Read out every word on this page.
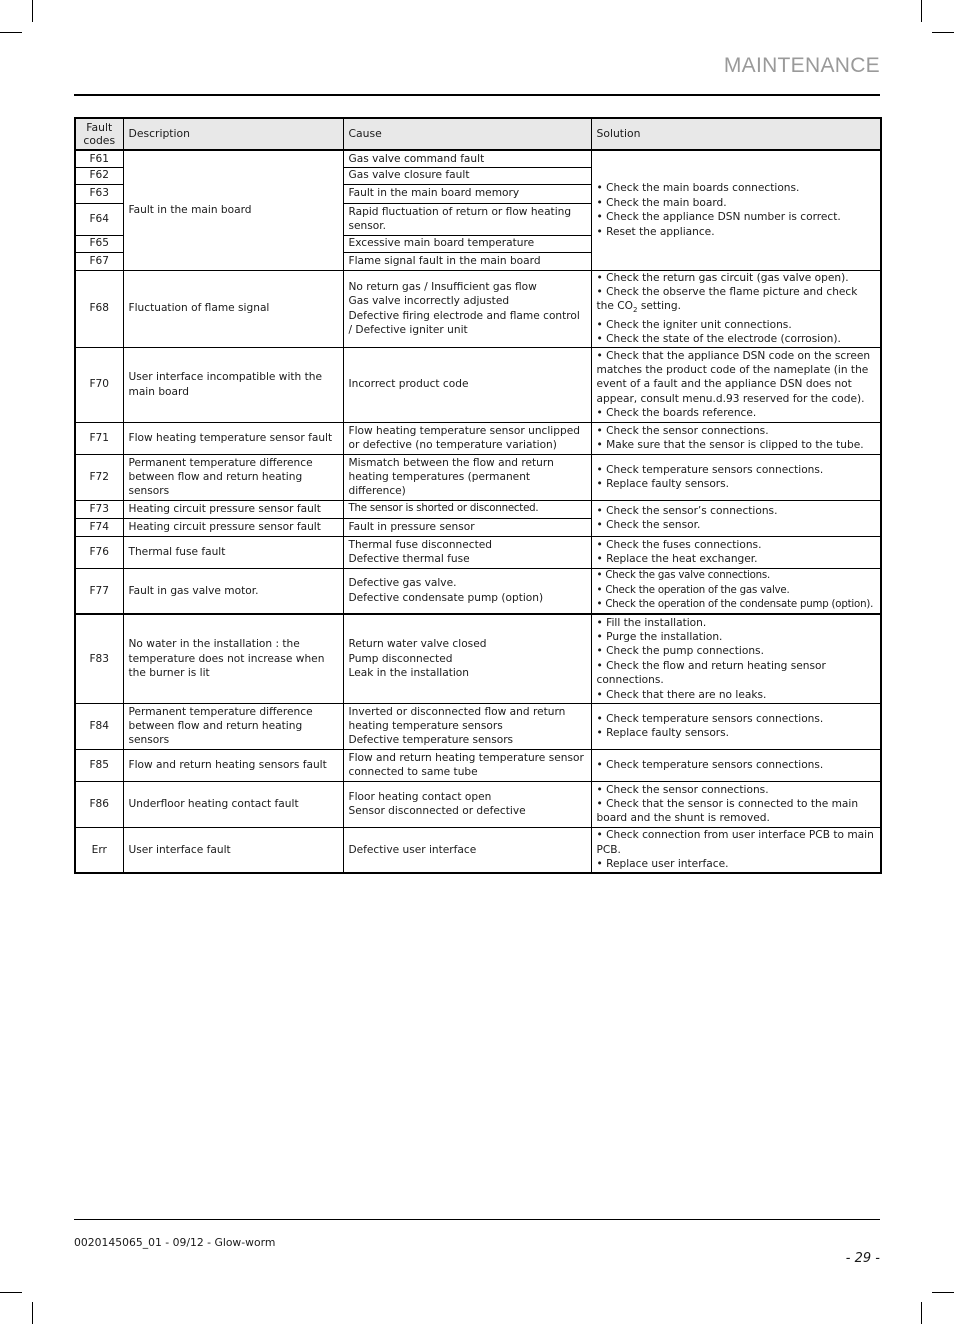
MAINTENANCE
Fault codes	Description	Cause	Solution
F61	Fault in the main board	Gas valve command fault	• Check the main boards connections.
• Check the main board.
• Check the appliance DSN number is correct.
• Reset the appliance.

F62		Gas valve closure fault	
F63		Fault in the main board memory	
F64		Rapid fluctuation of return or flow heating sensor.	
F65		Excessive main board temperature	
F67		Flame signal fault in the main board	
F68	Fluctuation of flame signal	No return gas / Insufficient gas flow
Gas valve incorrectly adjusted
Defective firing electrode and flame control / Defective igniter unit	• Check the return gas circuit (gas valve open).
• Check the observe the flame picture and check the $CO_2$ setting.
• Check the igniter unit connections.
• Check the state of the electrode (corrosion).

F70	User interface incompatible with the main board	Incorrect product code	• Check that the appliance DSN code on the screen matches the product code of the nameplate (in the event of a fault and the appliance DSN does not appear, consult menu.d.93 reserved for the code).
• Check the boards reference.

F71	Flow heating temperature sensor fault	Flow heating temperature sensor unclipped or defective (no temperature variation)	• Check the sensor connections.
• Make sure that the sensor is clipped to the tube.

F72	Permanent temperature difference between flow and return heating sensors	Mismatch between the flow and return heating temperatures (permanent difference)	• Check temperature sensors connections.
• Replace faulty sensors.

F73	Heating circuit pressure sensor fault	The sensor is shorted or disconnected.	• Check the sensor’s connections.
• Check the sensor.

F74	Heating circuit pressure sensor fault	Fault in pressure sensor	
F76	Thermal fuse fault	Thermal fuse disconnected
Defective thermal fuse	• Check the fuses connections.
• Replace the heat exchanger.

F77	Fault in gas valve motor.	Defective gas valve.
Defective condensate pump (option)	• Check the gas valve connections.
• Check the operation of the gas valve.
• Check the operation of the condensate pump (option).

F83	No water in the installation : the temperature does not increase when the burner is lit	Return water valve closed
Pump disconnected
Leak in the installation	• Fill the installation.
• Purge the installation.
• Check the pump connections.
• Check the flow and return heating sensor connections.
• Check that there are no leaks.

F84	Permanent temperature difference between flow and return heating sensors	Inverted or disconnected flow and return heating temperature sensors
Defective temperature sensors	• Check temperature sensors connections.
• Replace faulty sensors.

F85	Flow and return heating sensors fault	Flow and return heating temperature sensor connected to same tube	• Check temperature sensors connections.

F86	Underfloor heating contact fault	Floor heating contact open
Sensor disconnected or defective	• Check the sensor connections.
• Check that the sensor is connected to the main board and the shunt is removed.

Err	User interface fault	Defective user interface	• Check connection from user interface PCB to main PCB.
• Replace user interface.
0020145065_01 - 09/12 - Glow-worm
- 29 -
